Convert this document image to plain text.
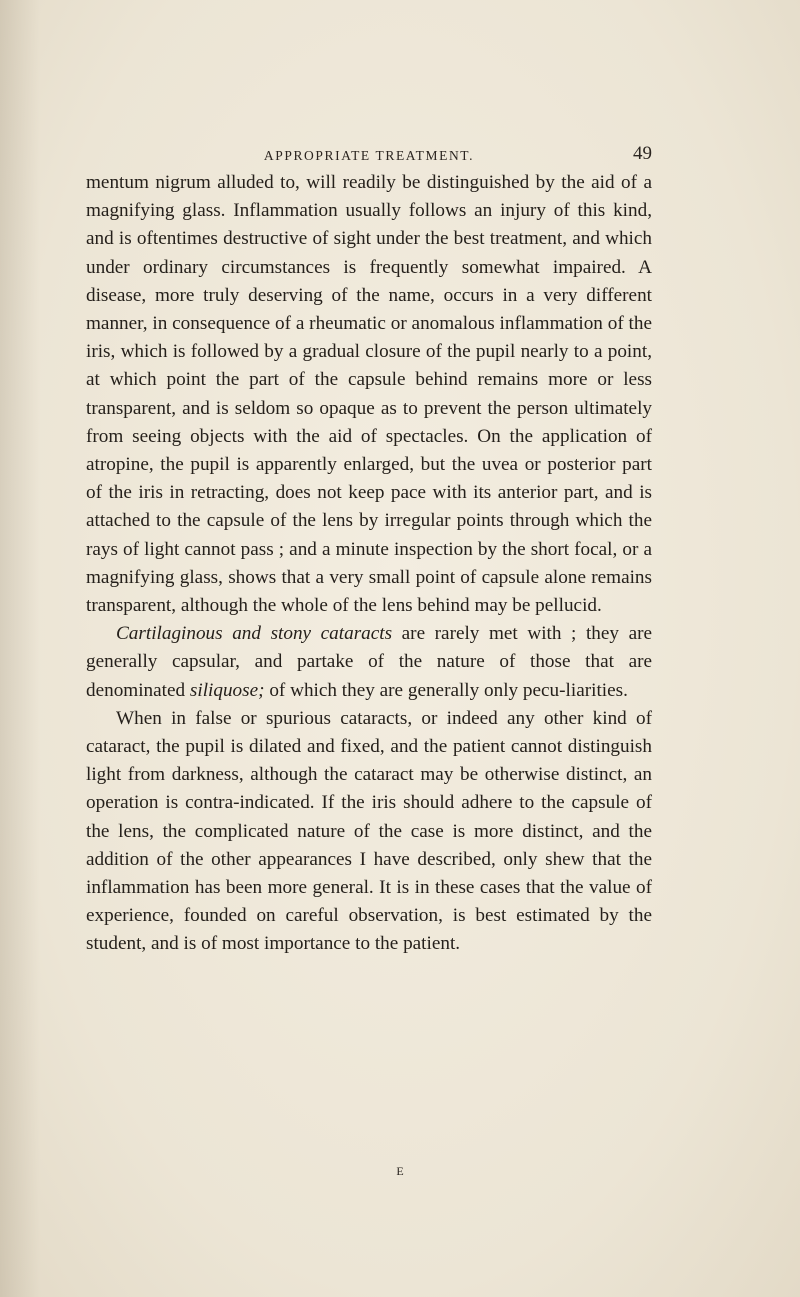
APPROPRIATE TREATMENT.	49

mentum nigrum alluded to, will readily be distinguished by the aid of a magnifying glass. Inflammation usually follows an injury of this kind, and is oftentimes destructive of sight under the best treatment, and which under ordinary circumstances is frequently somewhat impaired. A disease, more truly deserving of the name, occurs in a very different manner, in consequence of a rheumatic or anomalous inflammation of the iris, which is followed by a gradual closure of the pupil nearly to a point, at which point the part of the capsule behind remains more or less transparent, and is seldom so opaque as to prevent the person ultimately from seeing objects with the aid of spectacles. On the application of atropine, the pupil is apparently enlarged, but the uvea or posterior part of the iris in retracting, does not keep pace with its anterior part, and is attached to the capsule of the lens by irregular points through which the rays of light cannot pass ; and a minute inspection by the short focal, or a magnifying glass, shows that a very small point of capsule alone remains transparent, although the whole of the lens behind may be pellucid.

Cartilaginous and stony cataracts are rarely met with ; they are generally capsular, and partake of the nature of those that are denominated siliquose; of which they are generally only pecu-liarities.

When in false or spurious cataracts, or indeed any other kind of cataract, the pupil is dilated and fixed, and the patient cannot distinguish light from darkness, although the cataract may be otherwise distinct, an operation is contra-indicated. If the iris should adhere to the capsule of the lens, the complicated nature of the case is more distinct, and the addition of the other appearances I have described, only shew that the inflammation has been more general. It is in these cases that the value of experience, founded on careful observation, is best estimated by the student, and is of most importance to the patient.

E
